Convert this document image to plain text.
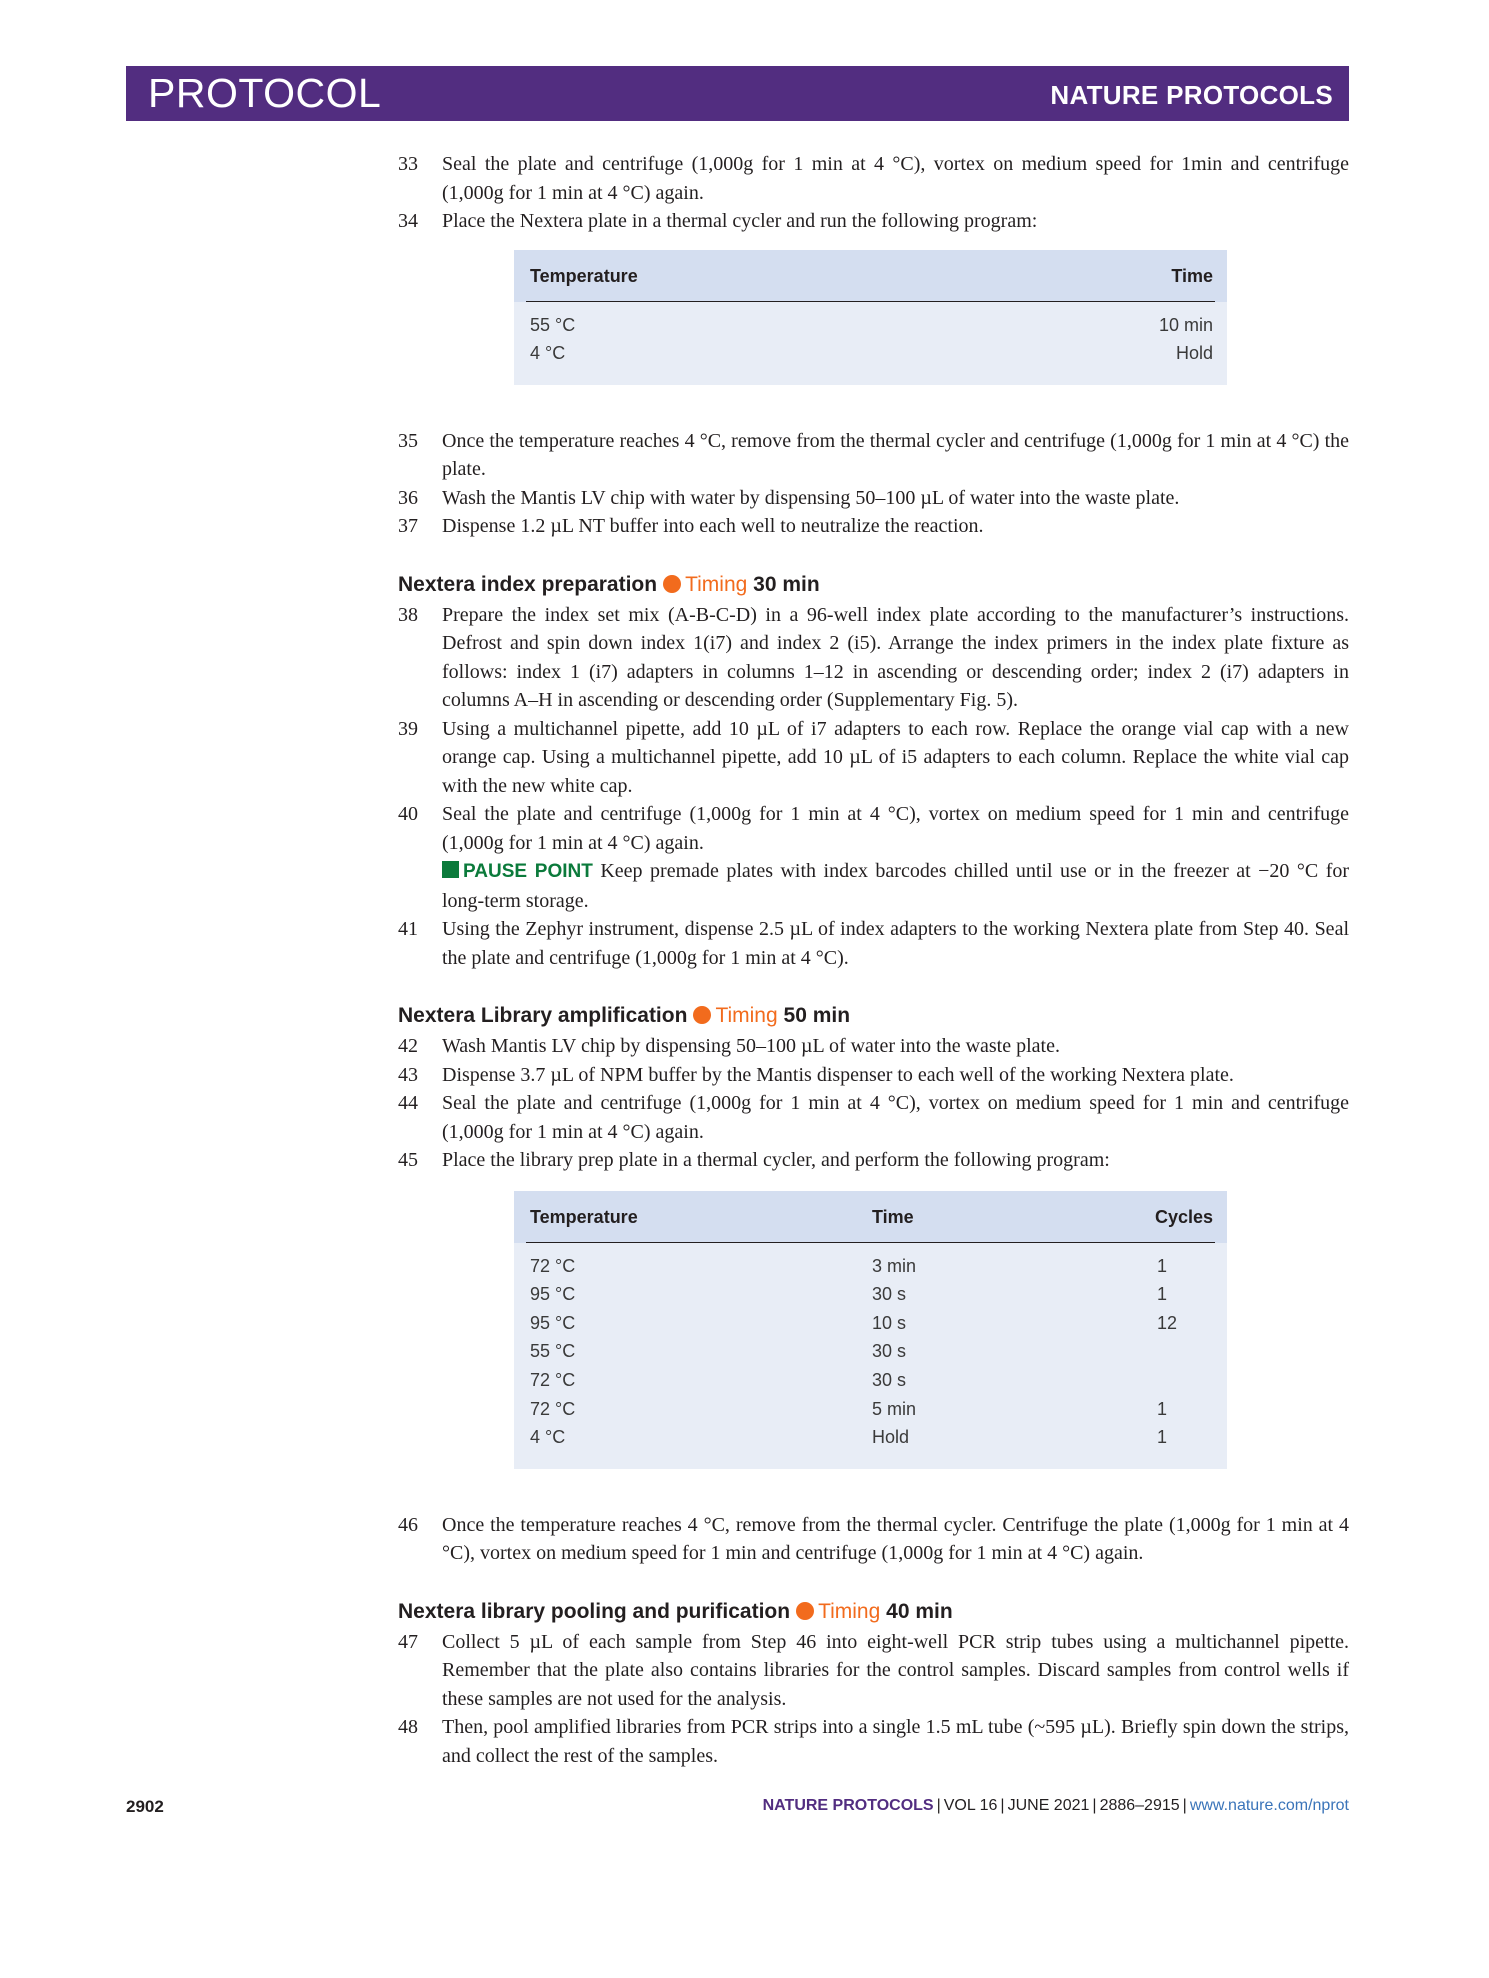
PROTOCOL	NATURE PROTOCOLS
33 Seal the plate and centrifuge (1,000g for 1 min at 4 °C), vortex on medium speed for 1min and centrifuge (1,000g for 1 min at 4 °C) again.
34 Place the Nextera plate in a thermal cycler and run the following program:
Temperature	Time
55 °C	10 min
4 °C	Hold
35 Once the temperature reaches 4 °C, remove from the thermal cycler and centrifuge (1,000g for 1 min at 4 °C) the plate.
36 Wash the Mantis LV chip with water by dispensing 50–100 µL of water into the waste plate.
37 Dispense 1.2 µL NT buffer into each well to neutralize the reaction.
Nextera index preparation Timing 30 min
38 Prepare the index set mix (A-B-C-D) in a 96-well index plate according to the manufacturer’s instructions. Defrost and spin down index 1(i7) and index 2 (i5). Arrange the index primers in the index plate fixture as follows: index 1 (i7) adapters in columns 1–12 in ascending or descending order; index 2 (i7) adapters in columns A–H in ascending or descending order (Supplementary Fig. 5).
39 Using a multichannel pipette, add 10 µL of i7 adapters to each row. Replace the orange vial cap with a new orange cap. Using a multichannel pipette, add 10 µL of i5 adapters to each column. Replace the white vial cap with the new white cap.
40 Seal the plate and centrifuge (1,000g for 1 min at 4 °C), vortex on medium speed for 1 min and centrifuge (1,000g for 1 min at 4 °C) again.
PAUSE POINT Keep premade plates with index barcodes chilled until use or in the freezer at −20 °C for long-term storage.
41 Using the Zephyr instrument, dispense 2.5 µL of index adapters to the working Nextera plate from Step 40. Seal the plate and centrifuge (1,000g for 1 min at 4 °C).
Nextera Library amplification Timing 50 min
42 Wash Mantis LV chip by dispensing 50–100 µL of water into the waste plate.
43 Dispense 3.7 µL of NPM buffer by the Mantis dispenser to each well of the working Nextera plate.
44 Seal the plate and centrifuge (1,000g for 1 min at 4 °C), vortex on medium speed for 1 min and centrifuge (1,000g for 1 min at 4 °C) again.
45 Place the library prep plate in a thermal cycler, and perform the following program:
Temperature	Time	Cycles
72 °C	3 min	1
95 °C	30 s	1
95 °C	10 s	12
55 °C	30 s
72 °C	30 s
72 °C	5 min	1
4 °C	Hold	1
46 Once the temperature reaches 4 °C, remove from the thermal cycler. Centrifuge the plate (1,000g for 1 min at 4 °C), vortex on medium speed for 1 min and centrifuge (1,000g for 1 min at 4 °C) again.
Nextera library pooling and purification Timing 40 min
47 Collect 5 µL of each sample from Step 46 into eight-well PCR strip tubes using a multichannel pipette. Remember that the plate also contains libraries for the control samples. Discard samples from control wells if these samples are not used for the analysis.
48 Then, pool amplified libraries from PCR strips into a single 1.5 mL tube (~595 µL). Briefly spin down the strips, and collect the rest of the samples.
2902	NATURE PROTOCOLS | VOL 16 | JUNE 2021 | 2886–2915 | www.nature.com/nprot
